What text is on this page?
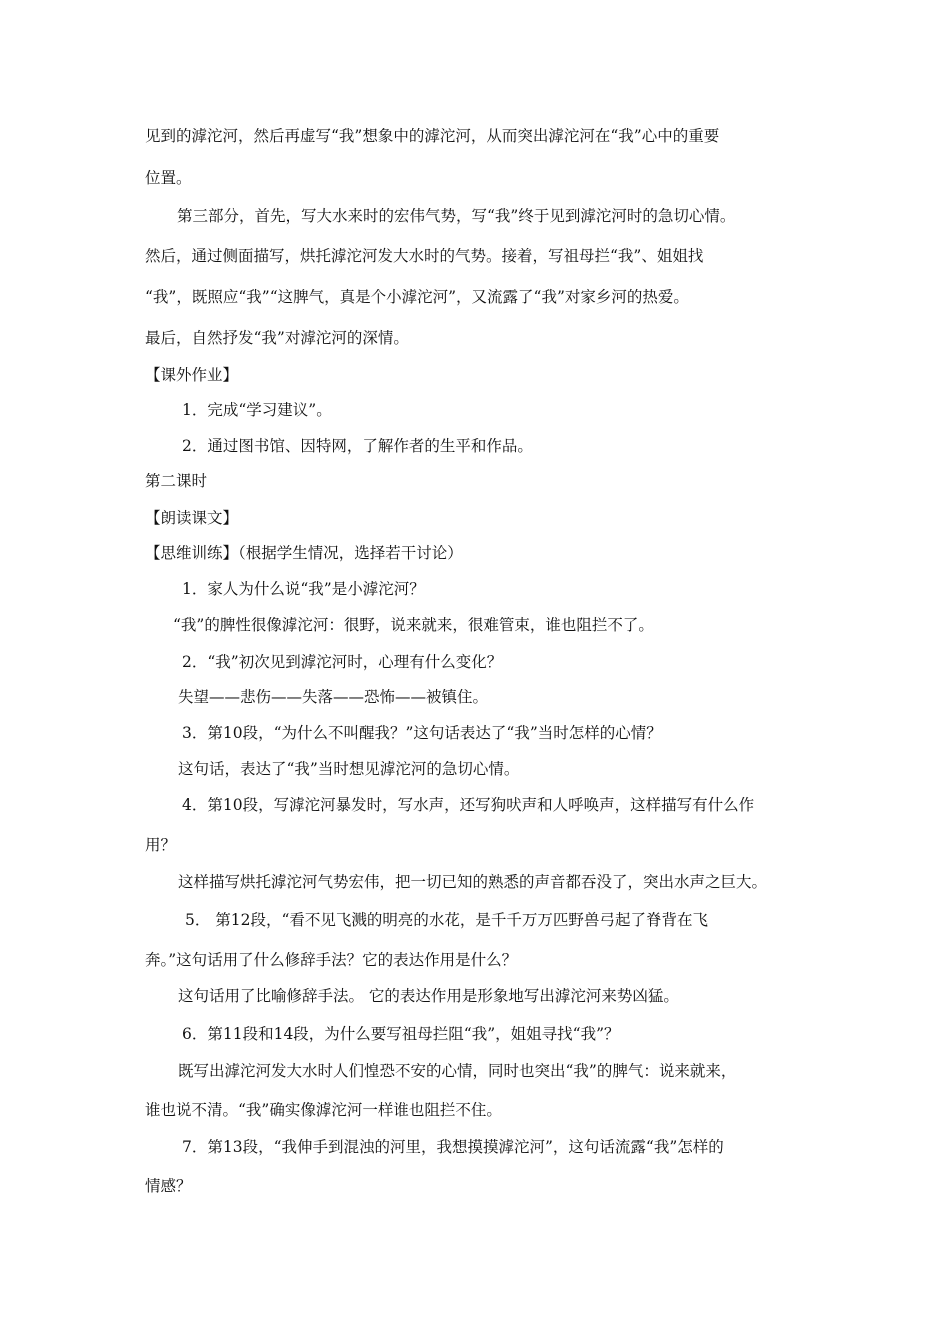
见到的滹沱河，然后再虚写“我”想象中的滹沱河，从而突出滹沱河在“我”心中的重要
位置。
第三部分，首先，写大水来时的宏伟气势，写“我”终于见到滹沱河时的急切心情。
然后，通过侧面描写，烘托滹沱河发大水时的气势。接着，写祖母拦“我”、姐姐找
“我”，既照应“我”“这脾气，真是个小滹沱河”，又流露了“我”对家乡河的热爱。
最后，自然抒发“我”对滹沱河的深情。
【课外作业】
1．完成“学习建议”。
2．通过图书馆、因特网，了解作者的生平和作品。
第二课时
【朗读课文】
【思维训练】（根据学生情况，选择若干讨论）
1．家人为什么说“我”是小滹沱河？
“我”的脾性很像滹沱河：很野，说来就来，很难管束，谁也阻拦不了。
2．“我”初次见到滹沱河时，心理有什么变化？
失望——悲伤——失落——恐怖——被镇住。
3．第10段，“为什么不叫醒我？”这句话表达了“我”当时怎样的心情？
这句话，表达了“我”当时想见滹沱河的急切心情。
4．第10段，写滹沱河暴发时，写水声，还写狗吠声和人呼唤声，这样描写有什么作
用？
这样描写烘托滹沱河气势宏伟，把一切已知的熟悉的声音都吞没了，突出水声之巨大。
5． 第12段，“看不见飞溅的明亮的水花，是千千万万匹野兽弓起了脊背在飞
奔。”这句话用了什么修辞手法？它的表达作用是什么？
这句话用了比喻修辞手法。 它的表达作用是形象地写出滹沱河来势凶猛。
6．第11段和14段，为什么要写祖母拦阻“我”，姐姐寻找“我”？
既写出滹沱河发大水时人们惶恐不安的心情，同时也突出“我”的脾气：说来就来，
谁也说不清。“我”确实像滹沱河一样谁也阻拦不住。
7．第13段，“我伸手到混浊的河里，我想摸摸滹沱河”，这句话流露“我”怎样的
情感？
